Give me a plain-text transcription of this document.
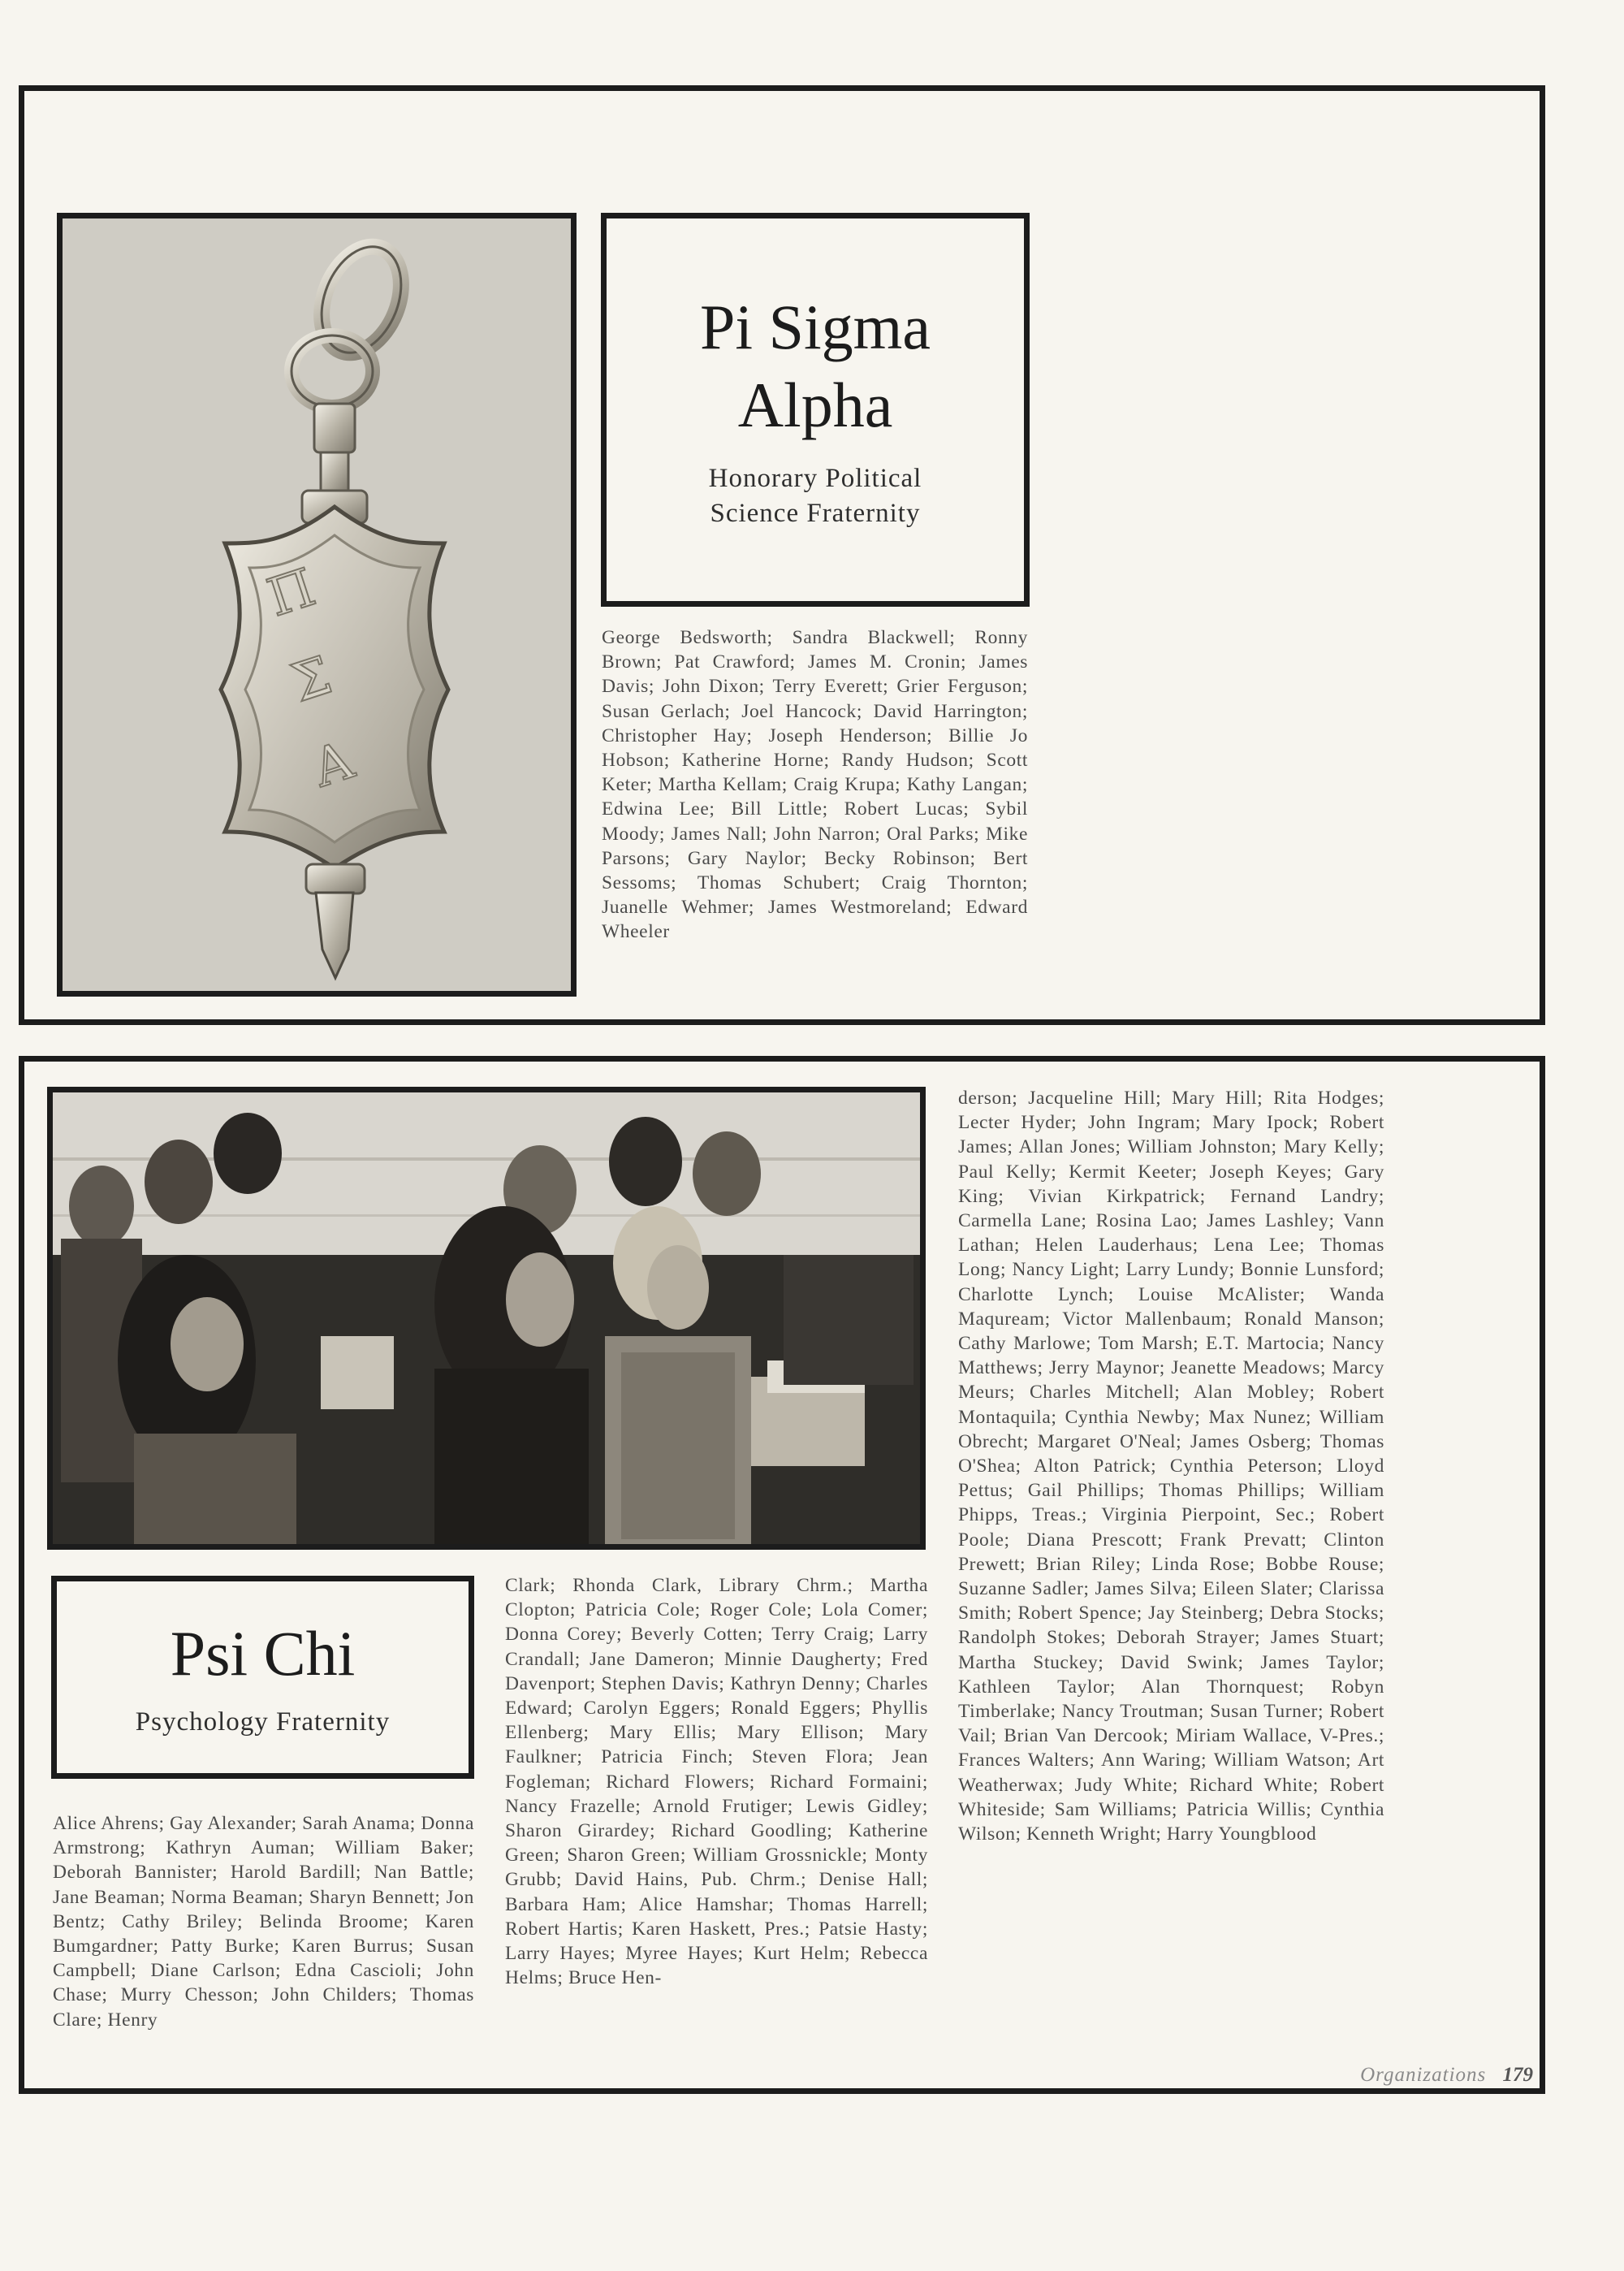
Π
Σ
A
Pi Sigma
Alpha
Honorary Political
Science Fraternity

George Bedsworth; Sandra Blackwell; Ronny Brown; Pat Crawford; James M. Cronin; James Davis; John Dixon; Terry Everett; Grier Ferguson; Susan Gerlach; Joel Hancock; David Harrington; Christopher Hay; Joseph Henderson; Billie Jo Hobson; Katherine Horne; Randy Hudson; Scott Keter; Martha Kellam; Craig Krupa; Kathy Langan; Edwina Lee; Bill Little; Robert Lucas; Sybil Moody; James Nall; John Narron; Oral Parks; Mike Parsons; Gary Naylor; Becky Robinson; Bert Sessoms; Thomas Schubert; Craig Thornton; Juanelle Wehmer; James Westmoreland; Edward Wheeler

Psi Chi
Psychology Fraternity

Alice Ahrens; Gay Alexander; Sarah Anama; Donna Armstrong; Kathryn Auman; William Baker; Deborah Bannister; Harold Bardill; Nan Battle; Jane Beaman; Norma Beaman; Sharyn Bennett; Jon Bentz; Cathy Briley; Belinda Broome; Karen Bumgardner; Patty Burke; Karen Burrus; Susan Campbell; Diane Carlson; Edna Cascioli; John Chase; Murry Chesson; John Childers; Thomas Clare; Henry

Clark; Rhonda Clark, Library Chrm.; Martha Clopton; Patricia Cole; Roger Cole; Lola Comer; Donna Corey; Beverly Cotten; Terry Craig; Larry Crandall; Jane Dameron; Minnie Daugherty; Fred Davenport; Stephen Davis; Kathryn Denny; Charles Edward; Carolyn Eggers; Ronald Eggers; Phyllis Ellenberg; Mary Ellis; Mary Ellison; Mary Faulkner; Patricia Finch; Steven Flora; Jean Fogleman; Richard Flowers; Richard Formaini; Nancy Frazelle; Arnold Frutiger; Lewis Gidley; Sharon Girardey; Richard Goodling; Katherine Green; Sharon Green; William Grossnickle; Monty Grubb; David Hains, Pub. Chrm.; Denise Hall; Barbara Ham; Alice Hamshar; Thomas Harrell; Robert Hartis; Karen Haskett, Pres.; Patsie Hasty; Larry Hayes; Myree Hayes; Kurt Helm; Rebecca Helms; Bruce Hen-

derson; Jacqueline Hill; Mary Hill; Rita Hodges; Lecter Hyder; John Ingram; Mary Ipock; Robert James; Allan Jones; William Johnston; Mary Kelly; Paul Kelly; Kermit Keeter; Joseph Keyes; Gary King; Vivian Kirkpatrick; Fernand Landry; Carmella Lane; Rosina Lao; James Lashley; Vann Lathan; Helen Lauderhaus; Lena Lee; Thomas Long; Nancy Light; Larry Lundy; Bonnie Lunsford; Charlotte Lynch; Louise McAlister; Wanda Maquream; Victor Mallenbaum; Ronald Manson; Cathy Marlowe; Tom Marsh; E.T. Martocia; Nancy Matthews; Jerry Maynor; Jeanette Meadows; Marcy Meurs; Charles Mitchell; Alan Mobley; Robert Montaquila; Cynthia Newby; Max Nunez; William Obrecht; Margaret O'Neal; James Osberg; Thomas O'Shea; Alton Patrick; Cynthia Peterson; Lloyd Pettus; Gail Phillips; Thomas Phillips; William Phipps, Treas.; Virginia Pierpoint, Sec.; Robert Poole; Diana Prescott; Frank Prevatt; Clinton Prewett; Brian Riley; Linda Rose; Bobbe Rouse; Suzanne Sadler; James Silva; Eileen Slater; Clarissa Smith; Robert Spence; Jay Steinberg; Debra Stocks; Randolph Stokes; Deborah Strayer; James Stuart; Martha Stuckey; David Swink; James Taylor; Kathleen Taylor; Alan Thornquest; Robyn Timberlake; Nancy Troutman; Susan Turner; Robert Vail; Brian Van Dercook; Miriam Wallace, V-Pres.; Frances Walters; Ann Waring; William Watson; Art Weatherwax; Judy White; Richard White; Robert Whiteside; Sam Williams; Patricia Willis; Cynthia Wilson; Kenneth Wright; Harry Youngblood

Organizations 179
